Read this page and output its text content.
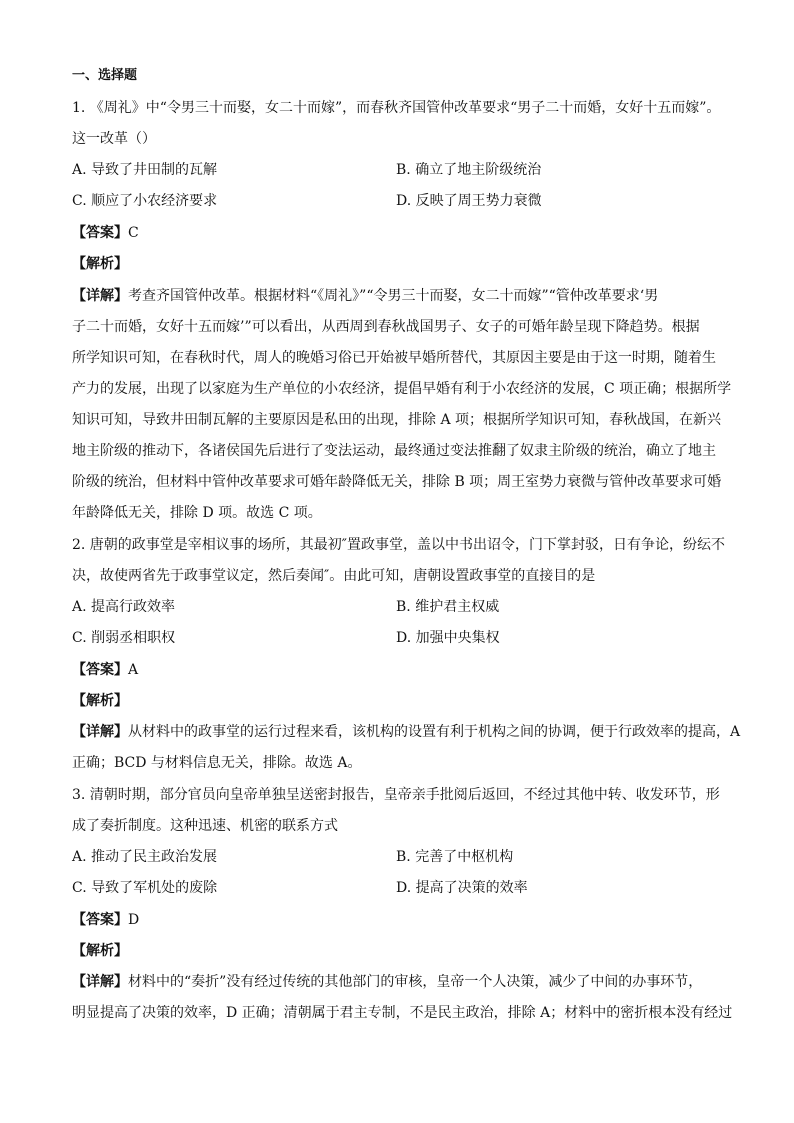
一、选择题
1. 《周礼》中“令男三十而娶，女二十而嫁”，而春秋齐国管仲改革要求“男子二十而婚，女好十五而嫁”。
这一改革（）
A. 导致了井田制的瓦解	B. 确立了地主阶级统治
C. 顺应了小农经济要求	D. 反映了周王势力衰微
【答案】C
【解析】
【详解】考查齐国管仲改革。根据材料“《周礼》”“令男三十而娶，女二十而嫁”“管仲改革要求‘男
子二十而婚，女好十五而嫁’”可以看出，从西周到春秋战国男子、女子的可婚年龄呈现下降趋势。根据
所学知识可知，在春秋时代，周人的晚婚习俗已开始被早婚所替代，其原因主要是由于这一时期，随着生
产力的发展，出现了以家庭为生产单位的小农经济，提倡早婚有利于小农经济的发展，C 项正确；根据所学
知识可知，导致井田制瓦解的主要原因是私田的出现，排除 A 项；根据所学知识可知，春秋战国，在新兴
地主阶级的推动下，各诸侯国先后进行了变法运动，最终通过变法推翻了奴隶主阶级的统治，确立了地主
阶级的统治，但材料中管仲改革要求可婚年龄降低无关，排除 B 项；周王室势力衰微与管仲改革要求可婚
年龄降低无关，排除 D 项。故选 C 项。
2. 唐朝的政事堂是宰相议事的场所，其最初″置政事堂，盖以中书出诏令，门下掌封驳，日有争论，纷纭不
决，故使两省先于政事堂议定，然后奏闻″。由此可知，唐朝设置政事堂的直接目的是
A. 提高行政效率	B. 维护君主权威
C. 削弱丞相职权	D. 加强中央集权
【答案】A
【解析】
【详解】从材料中的政事堂的运行过程来看，该机构的设置有利于机构之间的协调，便于行政效率的提高，A
正确；BCD 与材料信息无关，排除。故选 A。
3. 清朝时期，部分官员向皇帝单独呈送密封报告，皇帝亲手批阅后返回，不经过其他中转、收发环节，形
成了奏折制度。这种迅速、机密的联系方式
A. 推动了民主政治发展	B. 完善了中枢机构
C. 导致了军机处的废除	D. 提高了决策的效率
【答案】D
【解析】
【详解】材料中的“奏折”没有经过传统的其他部门的审核，皇帝一个人决策，减少了中间的办事环节，
明显提高了决策的效率，D 正确；清朝属于君主专制，不是民主政治，排除 A；材料中的密折根本没有经过
